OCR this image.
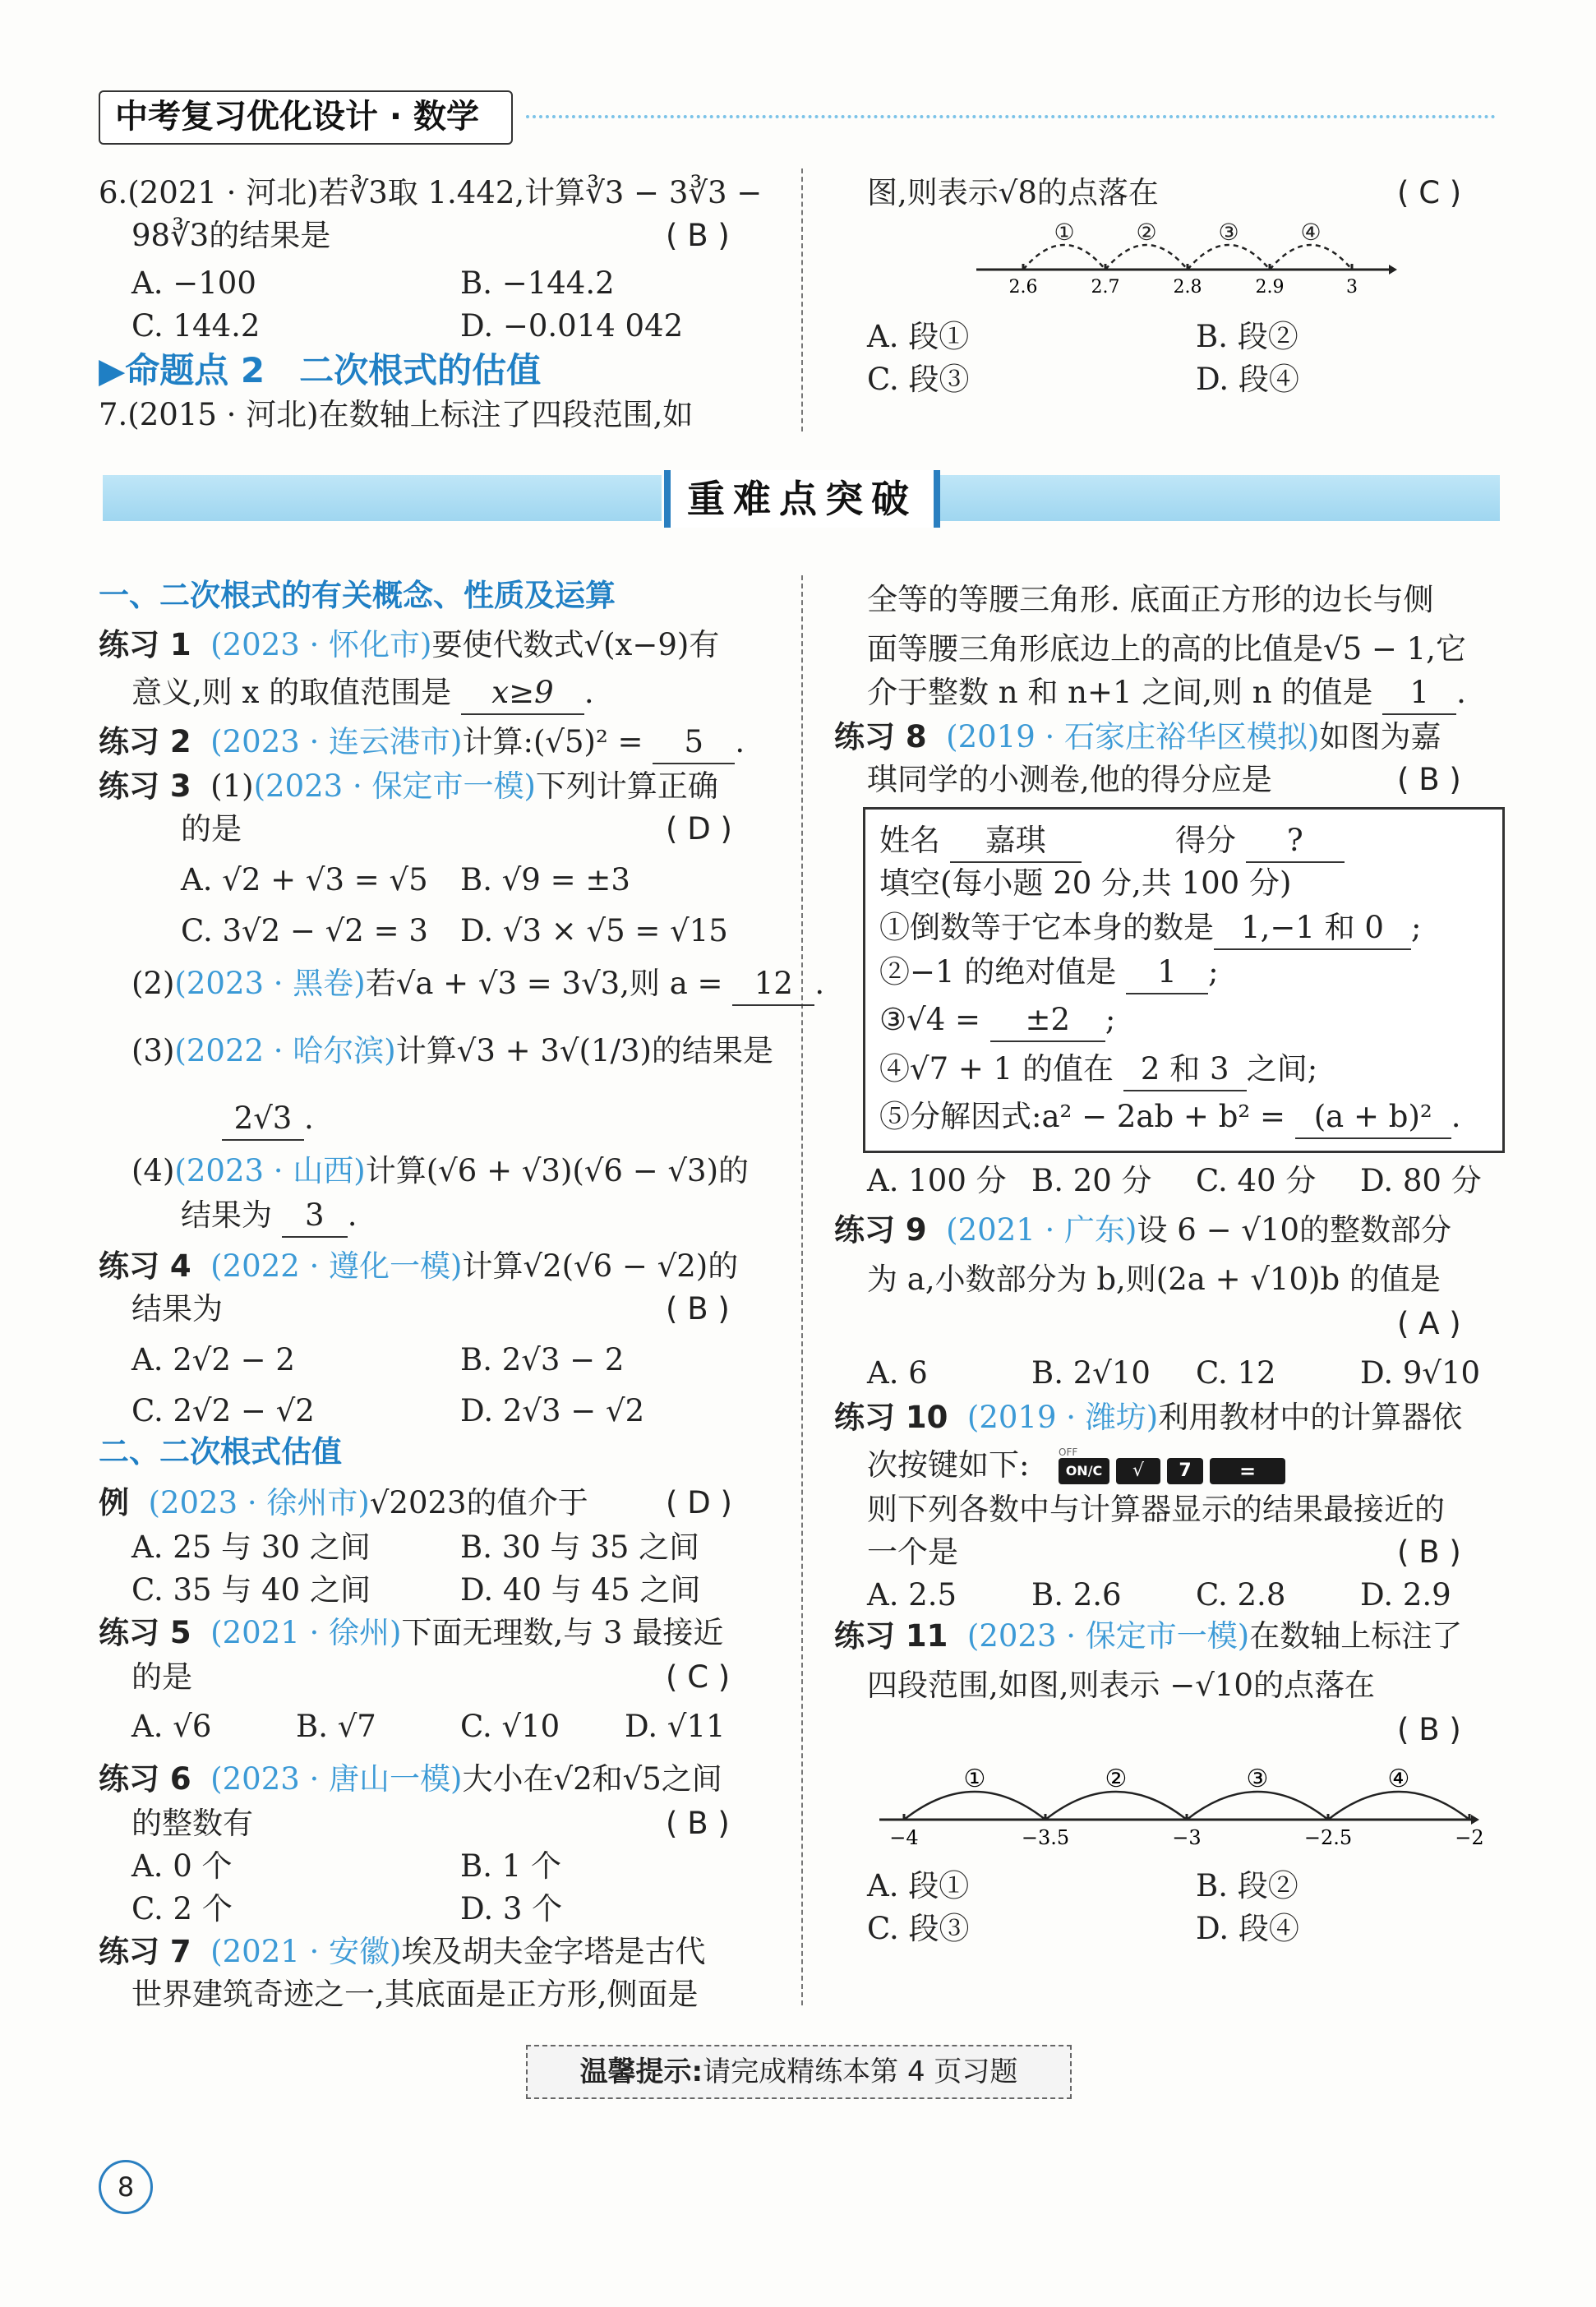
中考复习优化设计 · 数学
6.(2021 · 河北)若∛3取 1.442,计算∛3 − 3∛3 −
98∛3的结果是	( B )
A. −100	B. −144.2
C. 144.2	D. −0.014 042
▶命题点 2　二次根式的估值
7.(2015 · 河北)在数轴上标注了四段范围,如
图,则表示√8的点落在	( C )
2.6	2.7	2.8	2.9	3
①	②	③	④
A. 段①	B. 段②
C. 段③	D. 段④
重难点突破
一、二次根式的有关概念、性质及运算
练习 1 (2023 · 怀化市)要使代数式√(x−9)有
意义,则 x 的取值范围是 x≥9 .
练习 2 (2023 · 连云港市)计算:(√5)² = 5 .
练习 3 (1)(2023 · 保定市一模)下列计算正确
的是	( D )
A. √2 + √3 = √5 B. √9 = ±3
C. 3√2 − √2 = 3 D. √3 × √5 = √15
(2)(2023 · 黑卷)若√a + √3 = 3√3,则 a = 12 .
(3)(2022 · 哈尔滨)计算√3 + 3√(1/3)的结果是
2√3 .
(4)(2023 · 山西)计算(√6 + √3)(√6 − √3)的
结果为 3 .
练习 4 (2022 · 遵化一模)计算√2(√6 − √2)的
结果为	( B )
A. 2√2 − 2	B. 2√3 − 2
C. 2√2 − √2	D. 2√3 − √2
二、二次根式估值
例 (2023 · 徐州市)√2023的值介于	( D )
A. 25 与 30 之间	B. 30 与 35 之间
C. 35 与 40 之间	D. 40 与 45 之间
练习 5 (2021 · 徐州)下面无理数,与 3 最接近
的是	( C )
A. √6	B. √7	C. √10 D. √11
练习 6 (2023 · 唐山一模)大小在√2和√5之间
的整数有	( B )
A. 0 个	B. 1 个
C. 2 个	D. 3 个
练习 7 (2021 · 安徽)埃及胡夫金字塔是古代
世界建筑奇迹之一,其底面是正方形,侧面是
全等的等腰三角形. 底面正方形的边长与侧
面等腰三角形底边上的高的比值是√5 − 1,它
介于整数 n 和 n+1 之间,则 n 的值是 1 .
练习 8 (2019 · 石家庄裕华区模拟)如图为嘉
琪同学的小测卷,他的得分应是	( B )
姓名 嘉琪	得分 ?
填空(每小题 20 分,共 100 分)
①倒数等于它本身的数是 1,−1 和 0 ;
②−1 的绝对值是 1 ;
③√4 = ±2 ;
④√7 + 1 的值在 2 和 3 之间;
⑤分解因式:a² − 2ab + b² = (a + b)² .
A. 100 分 B. 20 分 C. 40 分 D. 80 分
练习 9 (2021 · 广东)设 6 − √10的整数部分
为 a,小数部分为 b,则(2a + √10)b 的值是
( A )
A. 6	B. 2√10 C. 12	D. 9√10
练习 10 (2019 · 潍坊)利用教材中的计算器依
次按键如下:	OFF
ON/C	√	7	=
则下列各数中与计算器显示的结果最接近的
一个是	( B )
A. 2.5 B. 2.6 C. 2.8 D. 2.9
练习 11 (2023 · 保定市一模)在数轴上标注了
四段范围,如图,则表示 −√10的点落在
( B )
−4	−3.5	−3	−2.5	−2
①	②	③	④
A. 段①	B. 段②
C. 段③	D. 段④
温馨提示:请完成精练本第 4 页习题
8
